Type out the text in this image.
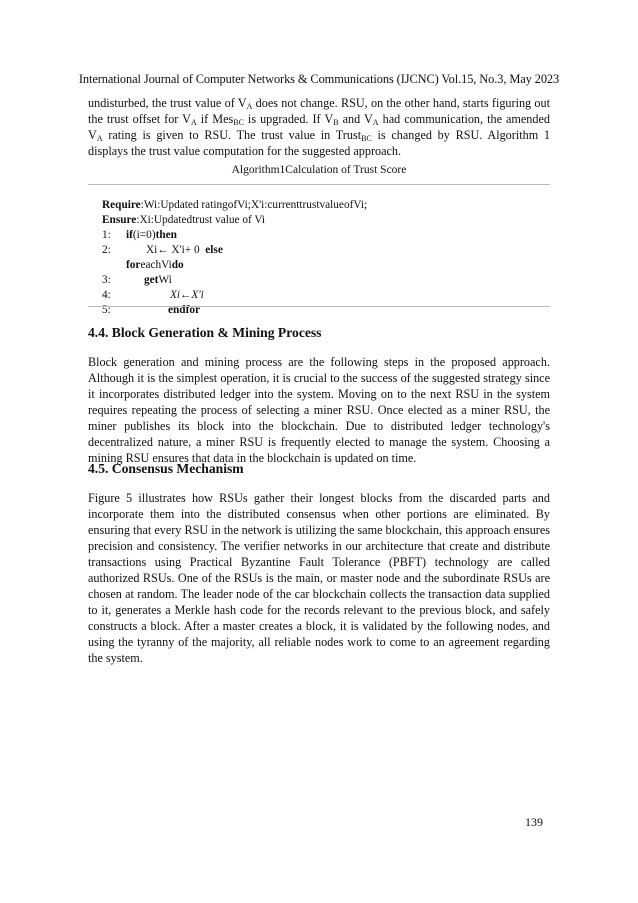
International Journal of Computer Networks & Communications (IJCNC) Vol.15, No.3, May 2023

undisturbed, the trust value of $V_A$ does not change. RSU, on the other hand, starts figuring out the trust offset for $V_A$ if Mes$_{BC}$ is upgraded. If $V_B$ and $V_A$ had communication, the amended $V_A$ rating is given to RSU. The trust value in Trust$_{BC}$ is changed by RSU. Algorithm 1 displays the trust value computation for the suggested approach.

Algorithm1Calculation of Trust Score
Require:Wi:Updated ratingofVi;X'i:currenttrustvalueofVi;
Ensure:Xi:Updatedtrust value of Vi
1: if(i=0)then
2:	Xi← X'i+ 0 else
foreachVido
3:	getWi
4:	Xi←X'i
5:	endfor
4.4. Block Generation & Mining Process

Block generation and mining process are the following steps in the proposed approach. Although it is the simplest operation, it is crucial to the success of the suggested strategy since it incorporates distributed ledger into the system. Moving on to the next RSU in the system requires repeating the process of selecting a miner RSU. Once elected as a miner RSU, the miner publishes its block into the blockchain. Due to distributed ledger technology's decentralized nature, a miner RSU is frequently elected to manage the system. Choosing a mining RSU ensures that data in the blockchain is updated on time.

4.5. Consensus Mechanism

Figure 5 illustrates how RSUs gather their longest blocks from the discarded parts and incorporate them into the distributed consensus when other portions are eliminated. By ensuring that every RSU in the network is utilizing the same blockchain, this approach ensures precision and consistency. The verifier networks in our architecture that create and distribute transactions using Practical Byzantine Fault Tolerance (PBFT) technology are called authorized RSUs. One of the RSUs is the main, or master node and the subordinate RSUs are chosen at random. The leader node of the car blockchain collects the transaction data supplied to it, generates a Merkle hash code for the records relevant to the previous block, and safely constructs a block. After a master creates a block, it is validated by the following nodes, and using the tyranny of the majority, all reliable nodes work to come to an agreement regarding the system.

139
